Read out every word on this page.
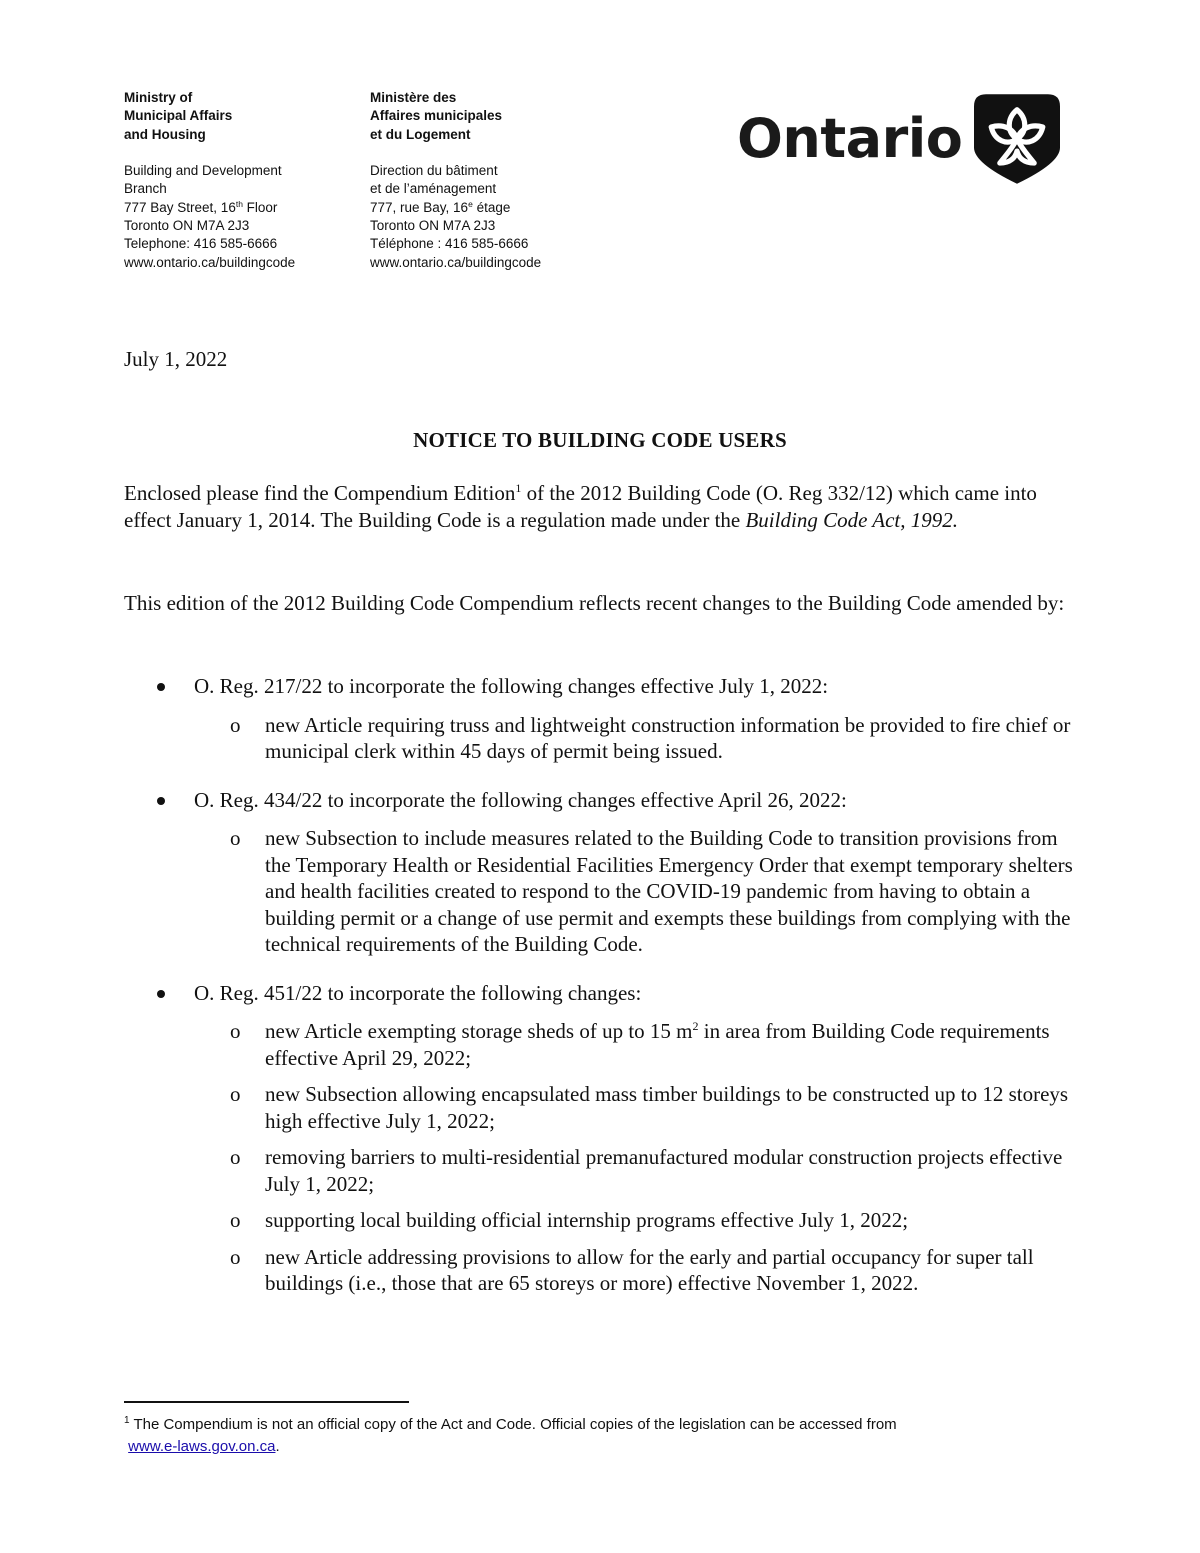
Ministry of
Municipal Affairs
and Housing
Building and Development
Branch
777 Bay Street, 16th Floor
Toronto ON M7A 2J3
Telephone: 416 585-6666
www.ontario.ca/buildingcode
Ministère des
Affaires municipales
et du Logement
Direction du bâtiment
et de l’aménagement
777, rue Bay, 16e étage
Toronto ON M7A 2J3
Téléphone : 416 585-6666
www.ontario.ca/buildingcode
Ontario
July 1, 2022
NOTICE TO BUILDING CODE USERS
Enclosed please find the Compendium Edition$^1$ of the 2012 Building Code (O. Reg 332/12) which came into effect January 1, 2014. The Building Code is a regulation made under the Building Code Act, 1992.
This edition of the 2012 Building Code Compendium reflects recent changes to the Building Code amended by:
O. Reg. 217/22 to incorporate the following changes effective July 1, 2022:
o new Article requiring truss and lightweight construction information be provided to fire chief or municipal clerk within 45 days of permit being issued.
O. Reg. 434/22 to incorporate the following changes effective April 26, 2022:
o new Subsection to include measures related to the Building Code to transition provisions from the Temporary Health or Residential Facilities Emergency Order that exempt temporary shelters and health facilities created to respond to the COVID-19 pandemic from having to obtain a building permit or a change of use permit and exempts these buildings from complying with the technical requirements of the Building Code.
O. Reg. 451/22 to incorporate the following changes:
o new Article exempting storage sheds of up to 15 $m^2$ in area from Building Code requirements effective April 29, 2022;
o new Subsection allowing encapsulated mass timber buildings to be constructed up to 12 storeys high effective July 1, 2022;
o removing barriers to multi-residential premanufactured modular construction projects effective July 1, 2022;
o supporting local building official internship programs effective July 1, 2022;
o new Article addressing provisions to allow for the early and partial occupancy for super tall buildings (i.e., those that are 65 storeys or more) effective November 1, 2022.
$^1$ The Compendium is not an official copy of the Act and Code. Official copies of the legislation can be accessed from
www.e-laws.gov.on.ca.
